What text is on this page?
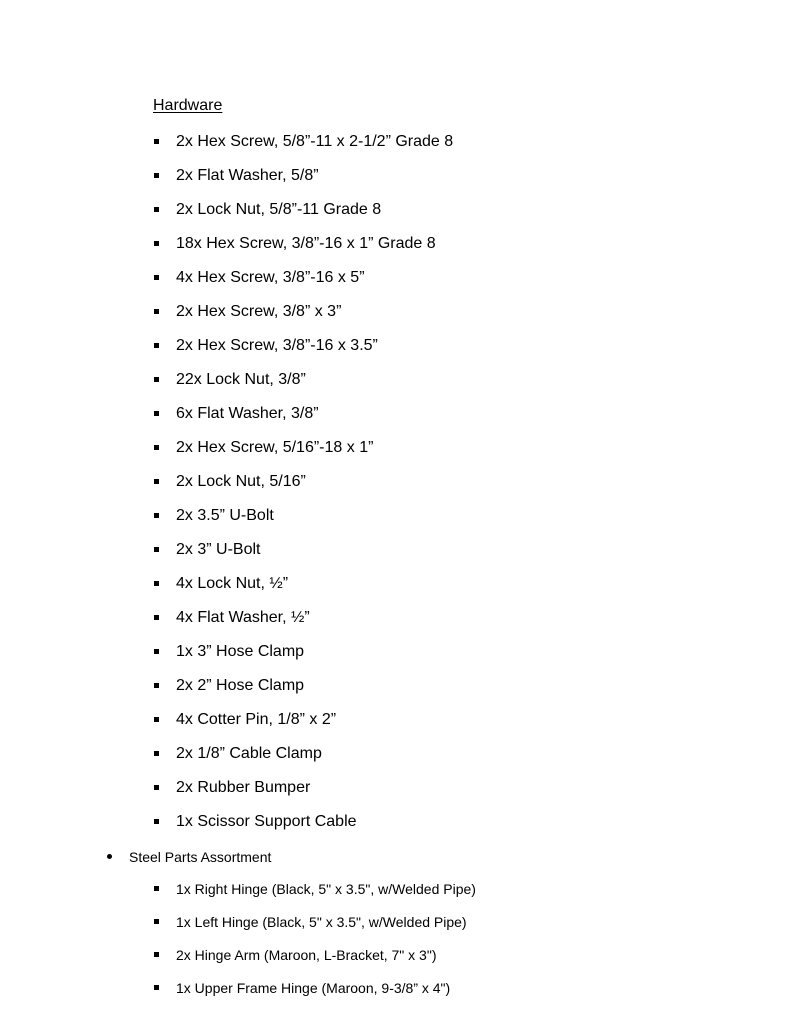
Hardware
2x Hex Screw, 5/8”-11 x 2-1/2” Grade 8
2x Flat Washer, 5/8”
2x Lock Nut, 5/8”-11 Grade 8
18x Hex Screw, 3/8”-16 x 1” Grade 8
4x Hex Screw, 3/8”-16 x 5”
2x Hex Screw, 3/8” x 3”
2x Hex Screw, 3/8”-16 x 3.5”
22x Lock Nut, 3/8”
6x Flat Washer, 3/8”
2x Hex Screw, 5/16”-18 x 1”
2x Lock Nut, 5/16”
2x 3.5” U-Bolt
2x 3” U-Bolt
4x Lock Nut, ½”
4x Flat Washer, ½”
1x 3” Hose Clamp
2x 2” Hose Clamp
4x Cotter Pin, 1/8” x 2”
2x 1/8” Cable Clamp
2x Rubber Bumper
1x Scissor Support Cable
Steel Parts Assortment
1x Right Hinge (Black, 5" x 3.5", w/Welded Pipe)
1x Left Hinge (Black, 5" x 3.5", w/Welded Pipe)
2x Hinge Arm (Maroon, L-Bracket, 7" x 3")
1x Upper Frame Hinge (Maroon, 9-3/8” x 4")
